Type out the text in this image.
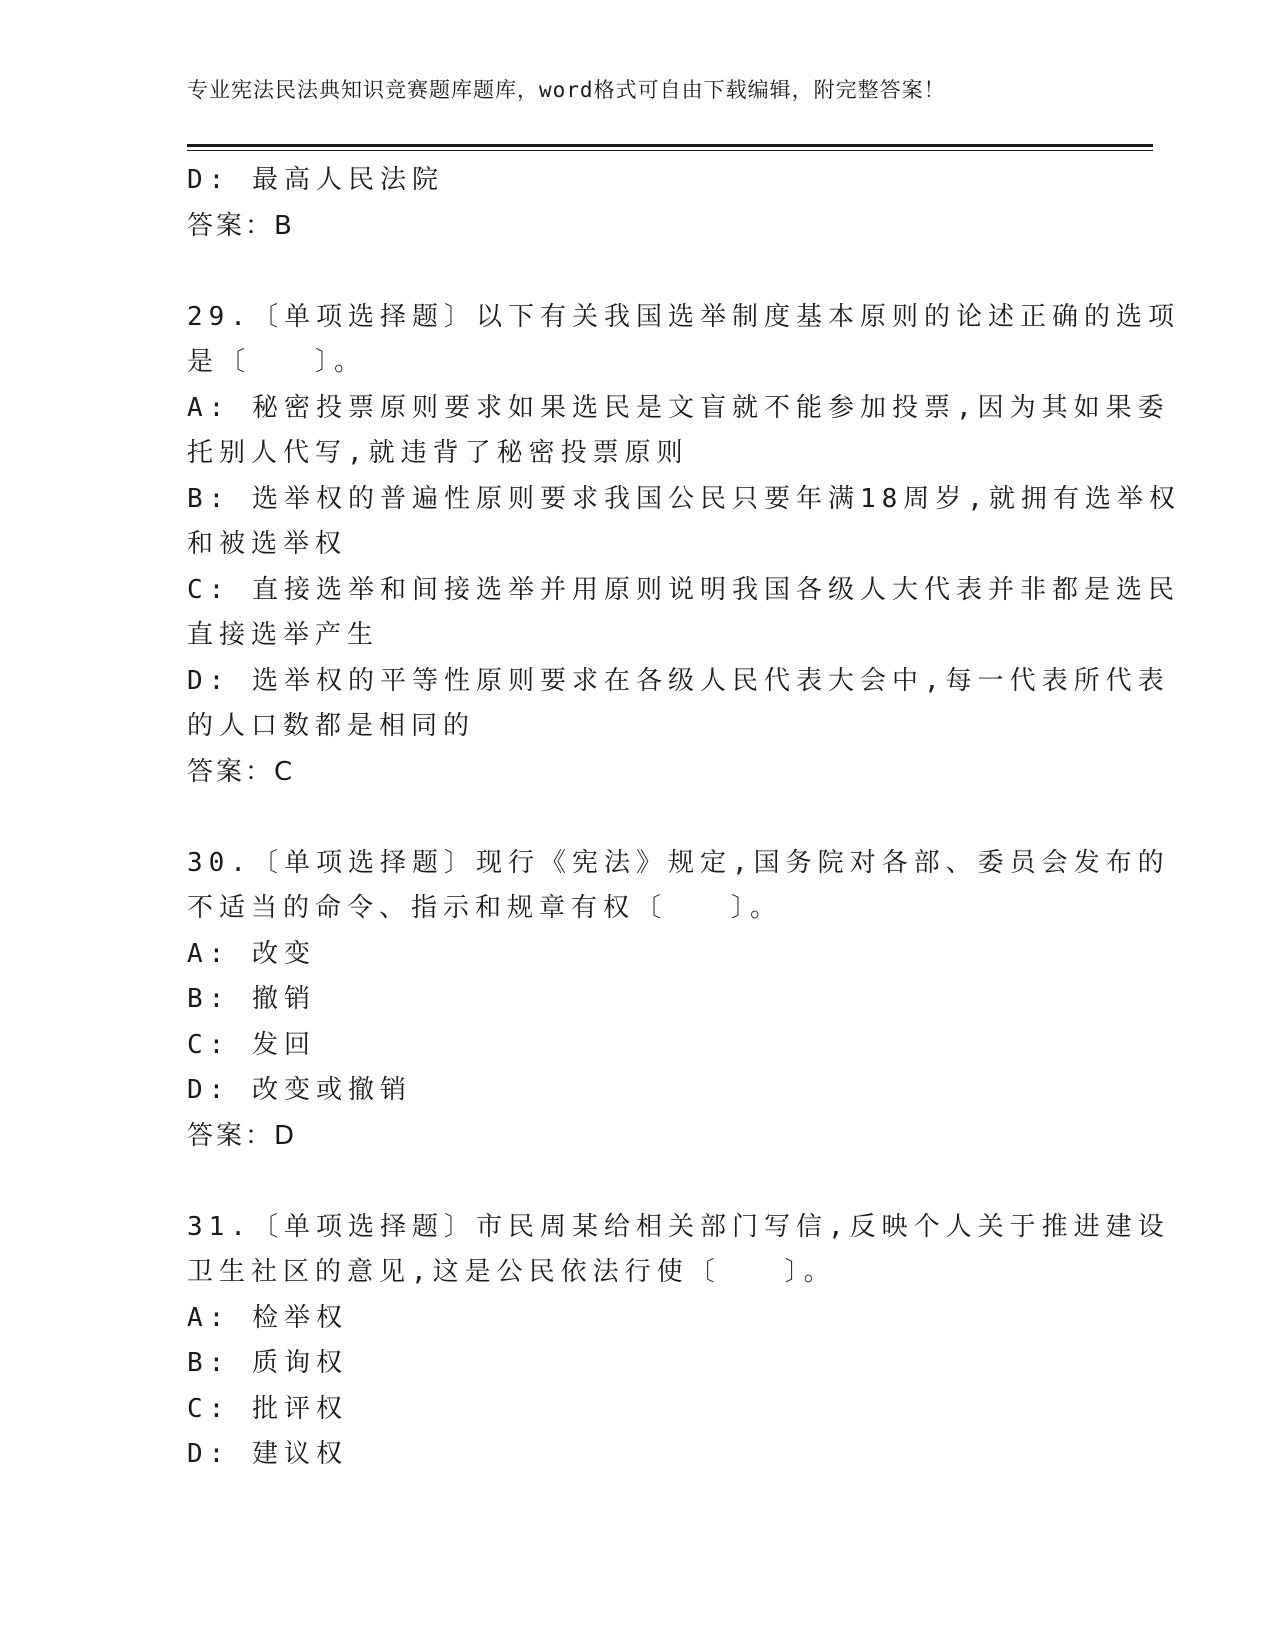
专业宪法民法典知识竞赛题库题库，word格式可自由下载编辑，附完整答案！
D: 最高人民法院
答案：B
29.〔单项选择题〕以下有关我国选举制度基本原则的论述正确的选项
是〔　　〕。
A: 秘密投票原则要求如果选民是文盲就不能参加投票,因为其如果委
托别人代写,就违背了秘密投票原则
B: 选举权的普遍性原则要求我国公民只要年满18周岁,就拥有选举权
和被选举权
C: 直接选举和间接选举并用原则说明我国各级人大代表并非都是选民
直接选举产生
D: 选举权的平等性原则要求在各级人民代表大会中,每一代表所代表
的人口数都是相同的
答案：C
30.〔单项选择题〕现行《宪法》规定,国务院对各部、委员会发布的
不适当的命令、指示和规章有权〔　　〕。
A: 改变
B: 撤销
C: 发回
D: 改变或撤销
答案：D
31.〔单项选择题〕市民周某给相关部门写信,反映个人关于推进建设
卫生社区的意见,这是公民依法行使〔　　〕。
A: 检举权
B: 质询权
C: 批评权
D: 建议权
